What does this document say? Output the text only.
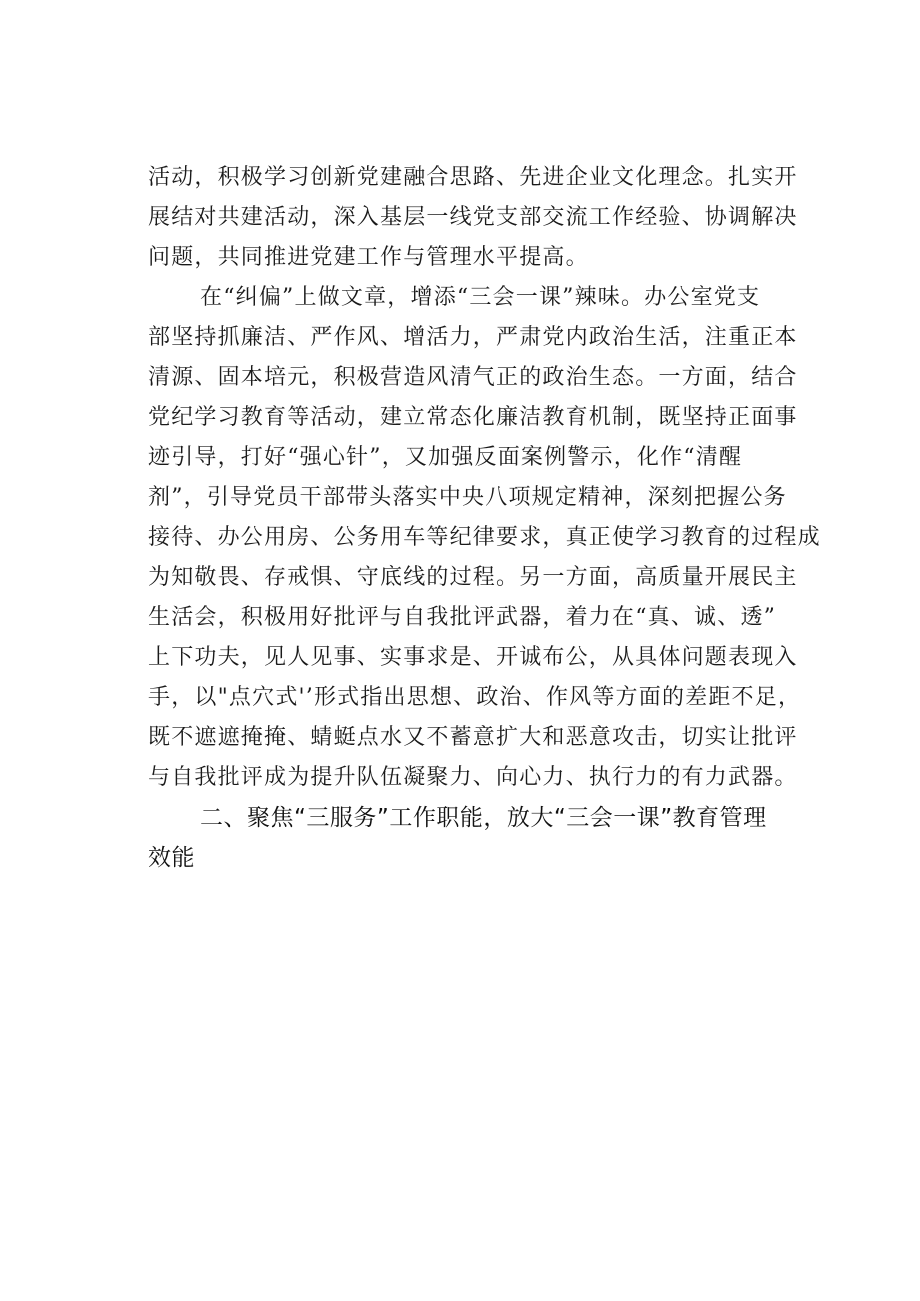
活动，积极学习创新党建融合思路、先进企业文化理念。扎实开
展结对共建活动，深入基层一线党支部交流工作经验、协调解决
问题，共同推进党建工作与管理水平提高。
在“纠偏”上做文章，增添“三会一课”辣味。办公室党支
部坚持抓廉洁、严作风、增活力，严肃党内政治生活，注重正本
清源、固本培元，积极营造风清气正的政治生态。一方面，结合
党纪学习教育等活动，建立常态化廉洁教育机制，既坚持正面事
迹引导，打好“强心针”，又加强反面案例警示，化作“清醒
剂”，引导党员干部带头落实中央八项规定精神，深刻把握公务
接待、办公用房、公务用车等纪律要求，真正使学习教育的过程成
为知敬畏、存戒惧、守底线的过程。另一方面，高质量开展民主
生活会，积极用好批评与自我批评武器，着力在“真、诚、透”
上下功夫，见人见事、实事求是、开诚布公，从具体问题表现入
手，以"点穴式'’形式指出思想、政治、作风等方面的差距不足，
既不遮遮掩掩、蜻蜓点水又不蓄意扩大和恶意攻击，切实让批评
与自我批评成为提升队伍凝聚力、向心力、执行力的有力武器。
二、聚焦“三服务”工作职能，放大“三会一课”教育管理
效能
